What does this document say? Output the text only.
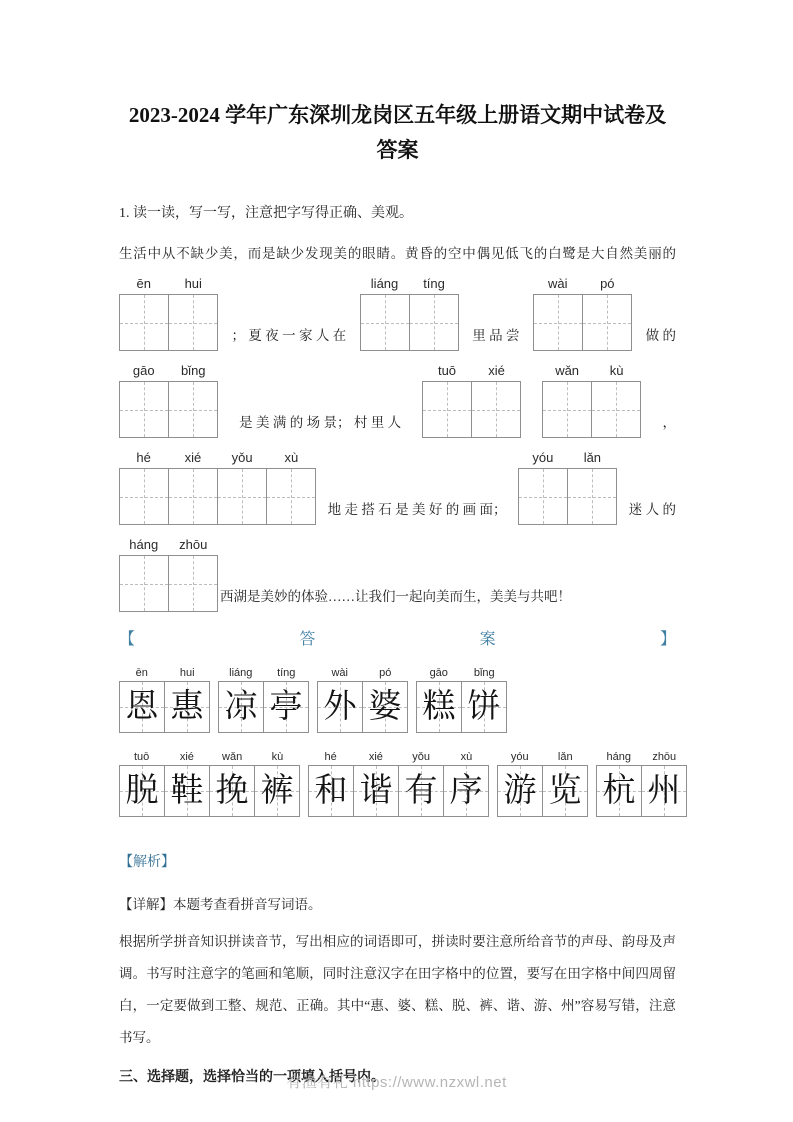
2023-2024 学年广东深圳龙岗区五年级上册语文期中试卷及
答案
1. 读一读，写一写，注意把字写得正确、美观。
生活中从不缺少美，而是缺少发现美的眼睛。黄昏的空中偶见低飞的白鹭是大自然美丽的
ēn	hui
； 夏 夜 一 家 人 在
liáng	tíng
里 品 尝
wài	pó
做 的
gāo	bǐng
是 美 满 的 场 景； 村 里 人
tuō	xié	wǎn	kù
，
hé	xié	yǒu	xù
地 走 搭 石 是 美 好 的 画 面；
yóu	lǎn
迷 人 的
háng	zhōu
西湖是美妙的体验……让我们一起向美而生，美美与共吧！
【	答	案	】
ēn	hui
恩 惠
liáng	tíng
凉 亭
wài	pó
外 婆
gāo	bǐng
糕 饼
tuō	xié	wǎn	kù
脱 鞋 挽 裤
hé	xié	yǒu	xù
和 谐 有 序
yóu	lǎn
游 览
háng	zhōu
杭 州
【解析】
【详解】本题考查看拼音写词语。
根据所学拼音知识拼读音节，写出相应的词语即可，拼读时要注意所给音节的声母、韵母及声调。书写时注意字的笔画和笔顺，同时注意汉字在田字格中的位置，要写在田字格中间四周留白，一定要做到工整、规范、正确。其中“惠、婆、糕、脱、裤、谐、游、州”容易写错，注意书写。
三、选择题，选择恰当的一项填入括号内。
有渔有礼 https://www.nzxwl.net
